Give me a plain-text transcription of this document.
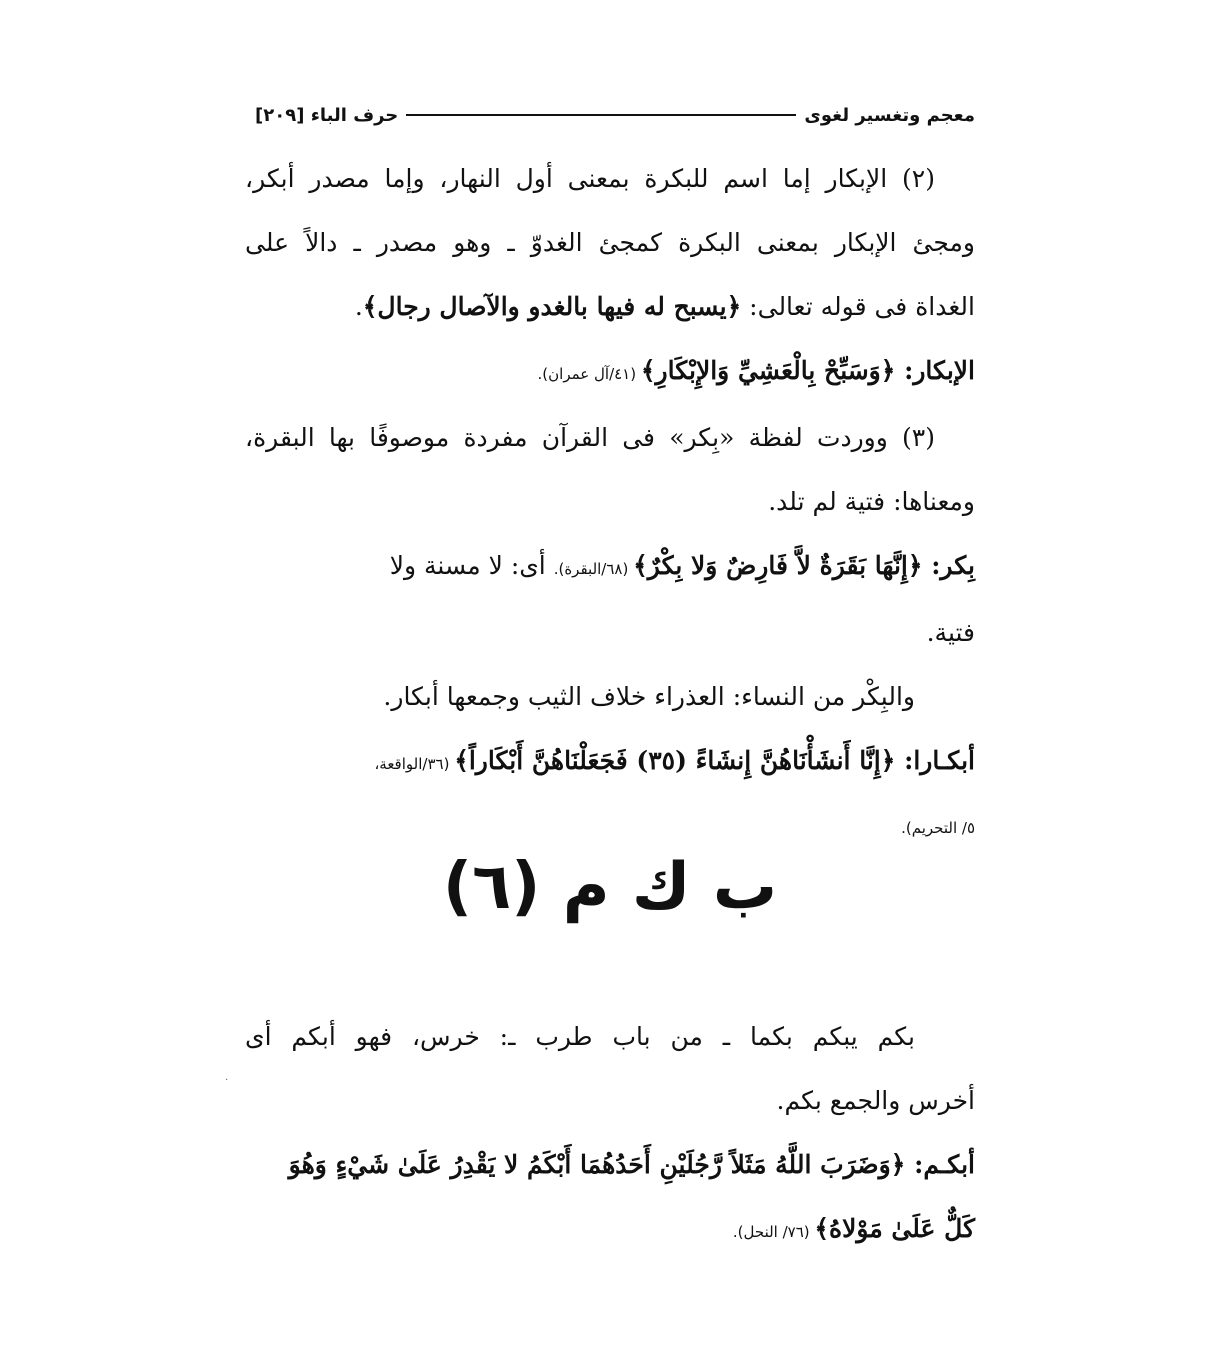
معجم وتغسير لغوى
حرف الباء [٢٠٩]
(٢) الإبكار إما اسم للبكرة بمعنى أول النهار، وإما مصدر أبكر،
ومجئ الإبكار بمعنى البكرة كمجئ الغدوّ ـ وهو مصدر ـ دالاً على
الغداة فى قوله تعالى: ﴿يسبح له فيها بالغدو والآصال رجال﴾.
الإبكار: ﴿وَسَبِّحْ بِالْعَشِيِّ وَالإِبْكَارِ﴾ (٤١/آل عمران).
(٣) ووردت لفظة «بِكر» فى القرآن مفردة موصوفًا بها البقرة،
ومعناها: فتية لم تلد.
بِكر: ﴿إِنَّهَا بَقَرَةٌ لاَّ فَارِضٌ وَلا بِكْرٌ﴾ (٦٨/البقرة). أى: لا مسنة ولا
فتية.
والبِكْر من النساء: العذراء خلاف الثيب وجمعها أبكار.
أبكـارا: ﴿إِنَّا أَنشَأْنَاهُنَّ إِنشَاءً (٣٥) فَجَعَلْنَاهُنَّ أَبْكَاراً﴾ (٣٦/الواقعة،
٥/ التحريم).
ب ك م (٦)
بكم يبكم بكما ـ من باب طرب ـ: خرس، فهو أبكم أى
أخرس والجمع بكم.
أبكـم: ﴿وَضَرَبَ اللَّهُ مَثَلاً رَّجُلَيْنِ أَحَدُهُمَا أَبْكَمُ لا يَقْدِرُ عَلَىٰ شَيْءٍ وَهُوَ
كَلٌّ عَلَىٰ مَوْلاهُ﴾ (٧٦/ النحل).
·
